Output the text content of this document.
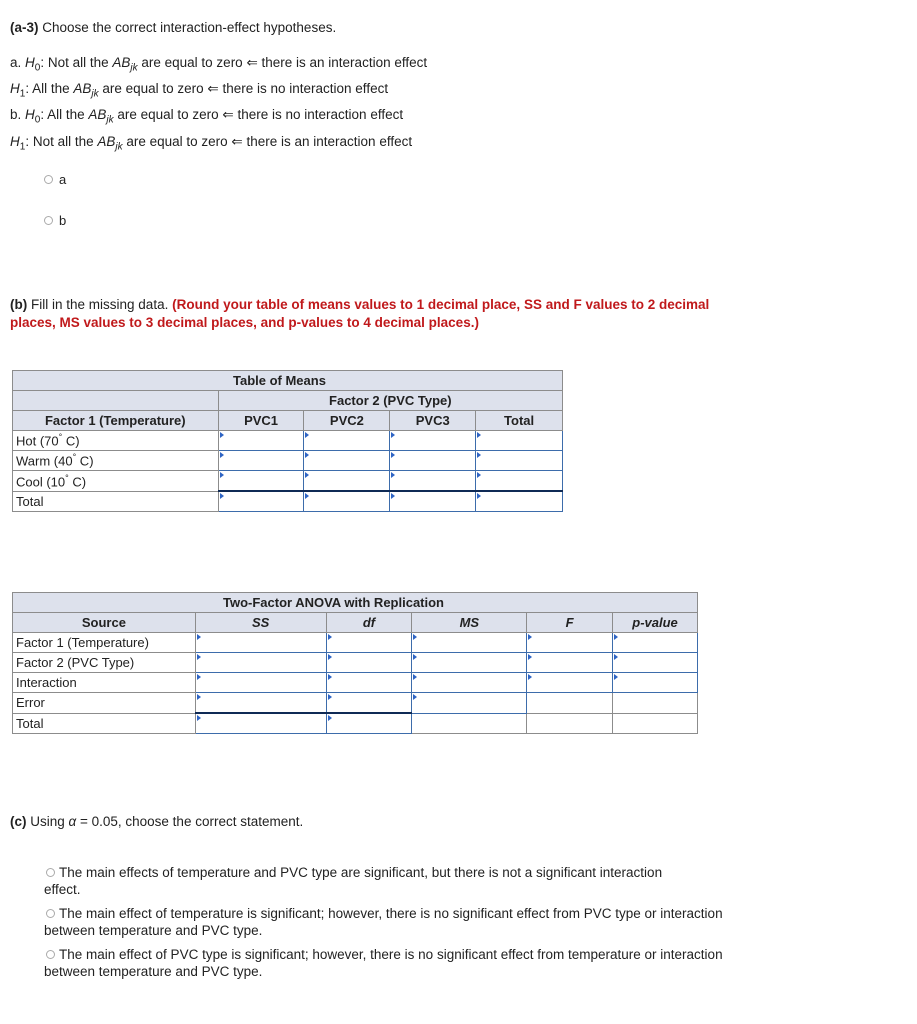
(a-3) Choose the correct interaction-effect hypotheses.
a. $H_0$: Not all the $AB_{jk}$ are equal to zero ⇐ there is an interaction effect
$H_1$: All the $AB_{jk}$ are equal to zero ⇐ there is no interaction effect
b. $H_0$: All the $AB_{jk}$ are equal to zero ⇐ there is no interaction effect
$H_1$: Not all the $AB_{jk}$ are equal to zero ⇐ there is an interaction effect
a
b
(b) Fill in the missing data. (Round your table of means values to 1 decimal place, SS and F values to 2 decimal
places, MS values to 3 decimal places, and p-values to 4 decimal places.)
Table of Means				
	Factor 2 (PVC Type)			
Factor 1 (Temperature)	PVC1	PVC2	PVC3	Total
Hot (70° C)				
Warm (40° C)				
Cool (10° C)				
Total				
Two-Factor ANOVA with Replication					
Source	SS	df	MS	F	p-value
Factor 1 (Temperature)					
Factor 2 (PVC Type)					
Interaction					
Error					
Total					
(c) Using α = 0.05, choose the correct statement.
The main effects of temperature and PVC type are significant, but there is not a significant interaction
effect.
The main effect of temperature is significant; however, there is no significant effect from PVC type or interaction
between temperature and PVC type.
The main effect of PVC type is significant; however, there is no significant effect from temperature or interaction
between temperature and PVC type.
